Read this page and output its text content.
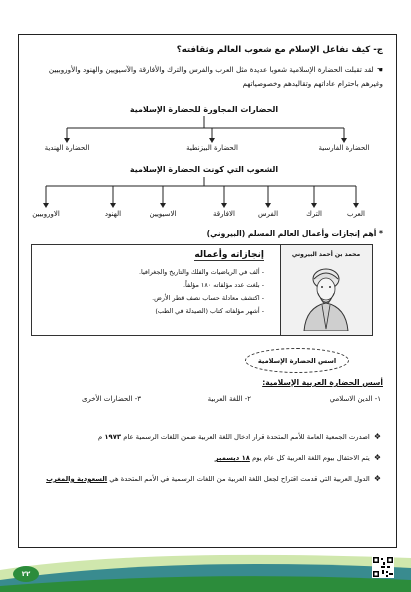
ج- كيف تفاعل الإسلام مع شعوب العالم وثقافته؟
☚لقد تقبلت الحضارة الإسلامية شعوبا عديدة مثل العرب والفرس والترك والأفارقة والآسيويين والهنود والأوروبيين وغيرهم باحترام عاداتهم وتقاليدهم وخصوصياتهم
الحضارات المجاورة للحضارة الإسلامية
الحضارة الفارسية
الحضارة البيزنطية
الحضارة الهندية
الشعوب التي كونت الحضارة الإسلامية
العرب
الترك
الفرس
الافارقة
الاسيويين
الهنود
الاوروبيين
* أهم إنجازات وأعمال العالم المسلم (البيروني)
محمد بن أحمد البيروني
إنجازاته وأعماله
- ألف في الرياضيات والفلك والتاريخ والجغرافيا.
- بلغت عدد مؤلفاته ١٨٠ مؤلفاً.
- اكتشف معادلة حساب نصف قطر الأرض.
- أشهر مؤلفاته كتاب (الصيدلة في الطب)
اسس الحضارة الإسلامية
أسس الحضارة العربية الإسلامية:
١- الدين الاسلامي
٢- اللغة العربية
٣- الحضارات الأخرى
❖اصدرت الجمعية العامة للأمم المتحدة قرار ادخال اللغة العربية ضمن اللغات الرسمية عام ١٩٧٣ م
❖يتم الاحتفال بيوم اللغة العربية كل عام يوم ١٨ ديسمبر
❖الدول العربية التي قدمت اقتراح لجعل اللغة العربية من اللغات الرسمية في الأمم المتحدة هي السعودية والمغرب
٢٢
